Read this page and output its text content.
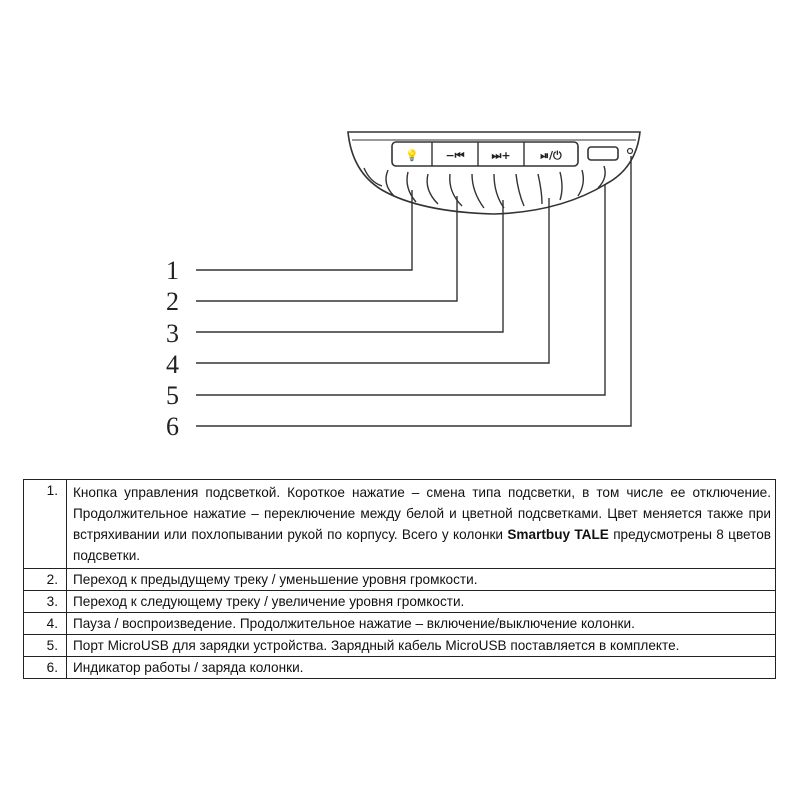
💡 −⏮ ⏭+	⏯/⏻
1
2
3
4
5
6
1.	Кнопка управления подсветкой. Короткое нажатие – смена типа подсветки, в том числе ее отключение. Продолжительное нажатие – переключение между белой и цветной подсветками. Цвет меняется также при встряхивании или похлопывании рукой по корпусу. Всего у колонки Smartbuy TALE предусмотрены 8 цветов подсветки.
2.	Переход к предыдущему треку / уменьшение уровня громкости.
3.	Переход к следующему треку / увеличение уровня громкости.
4.	Пауза / воспроизведение. Продолжительное нажатие – включение/выключение колонки.
5.	Порт MicroUSB для зарядки устройства. Зарядный кабель MicroUSB поставляется в комплекте.
6.	Индикатор работы / заряда колонки.
